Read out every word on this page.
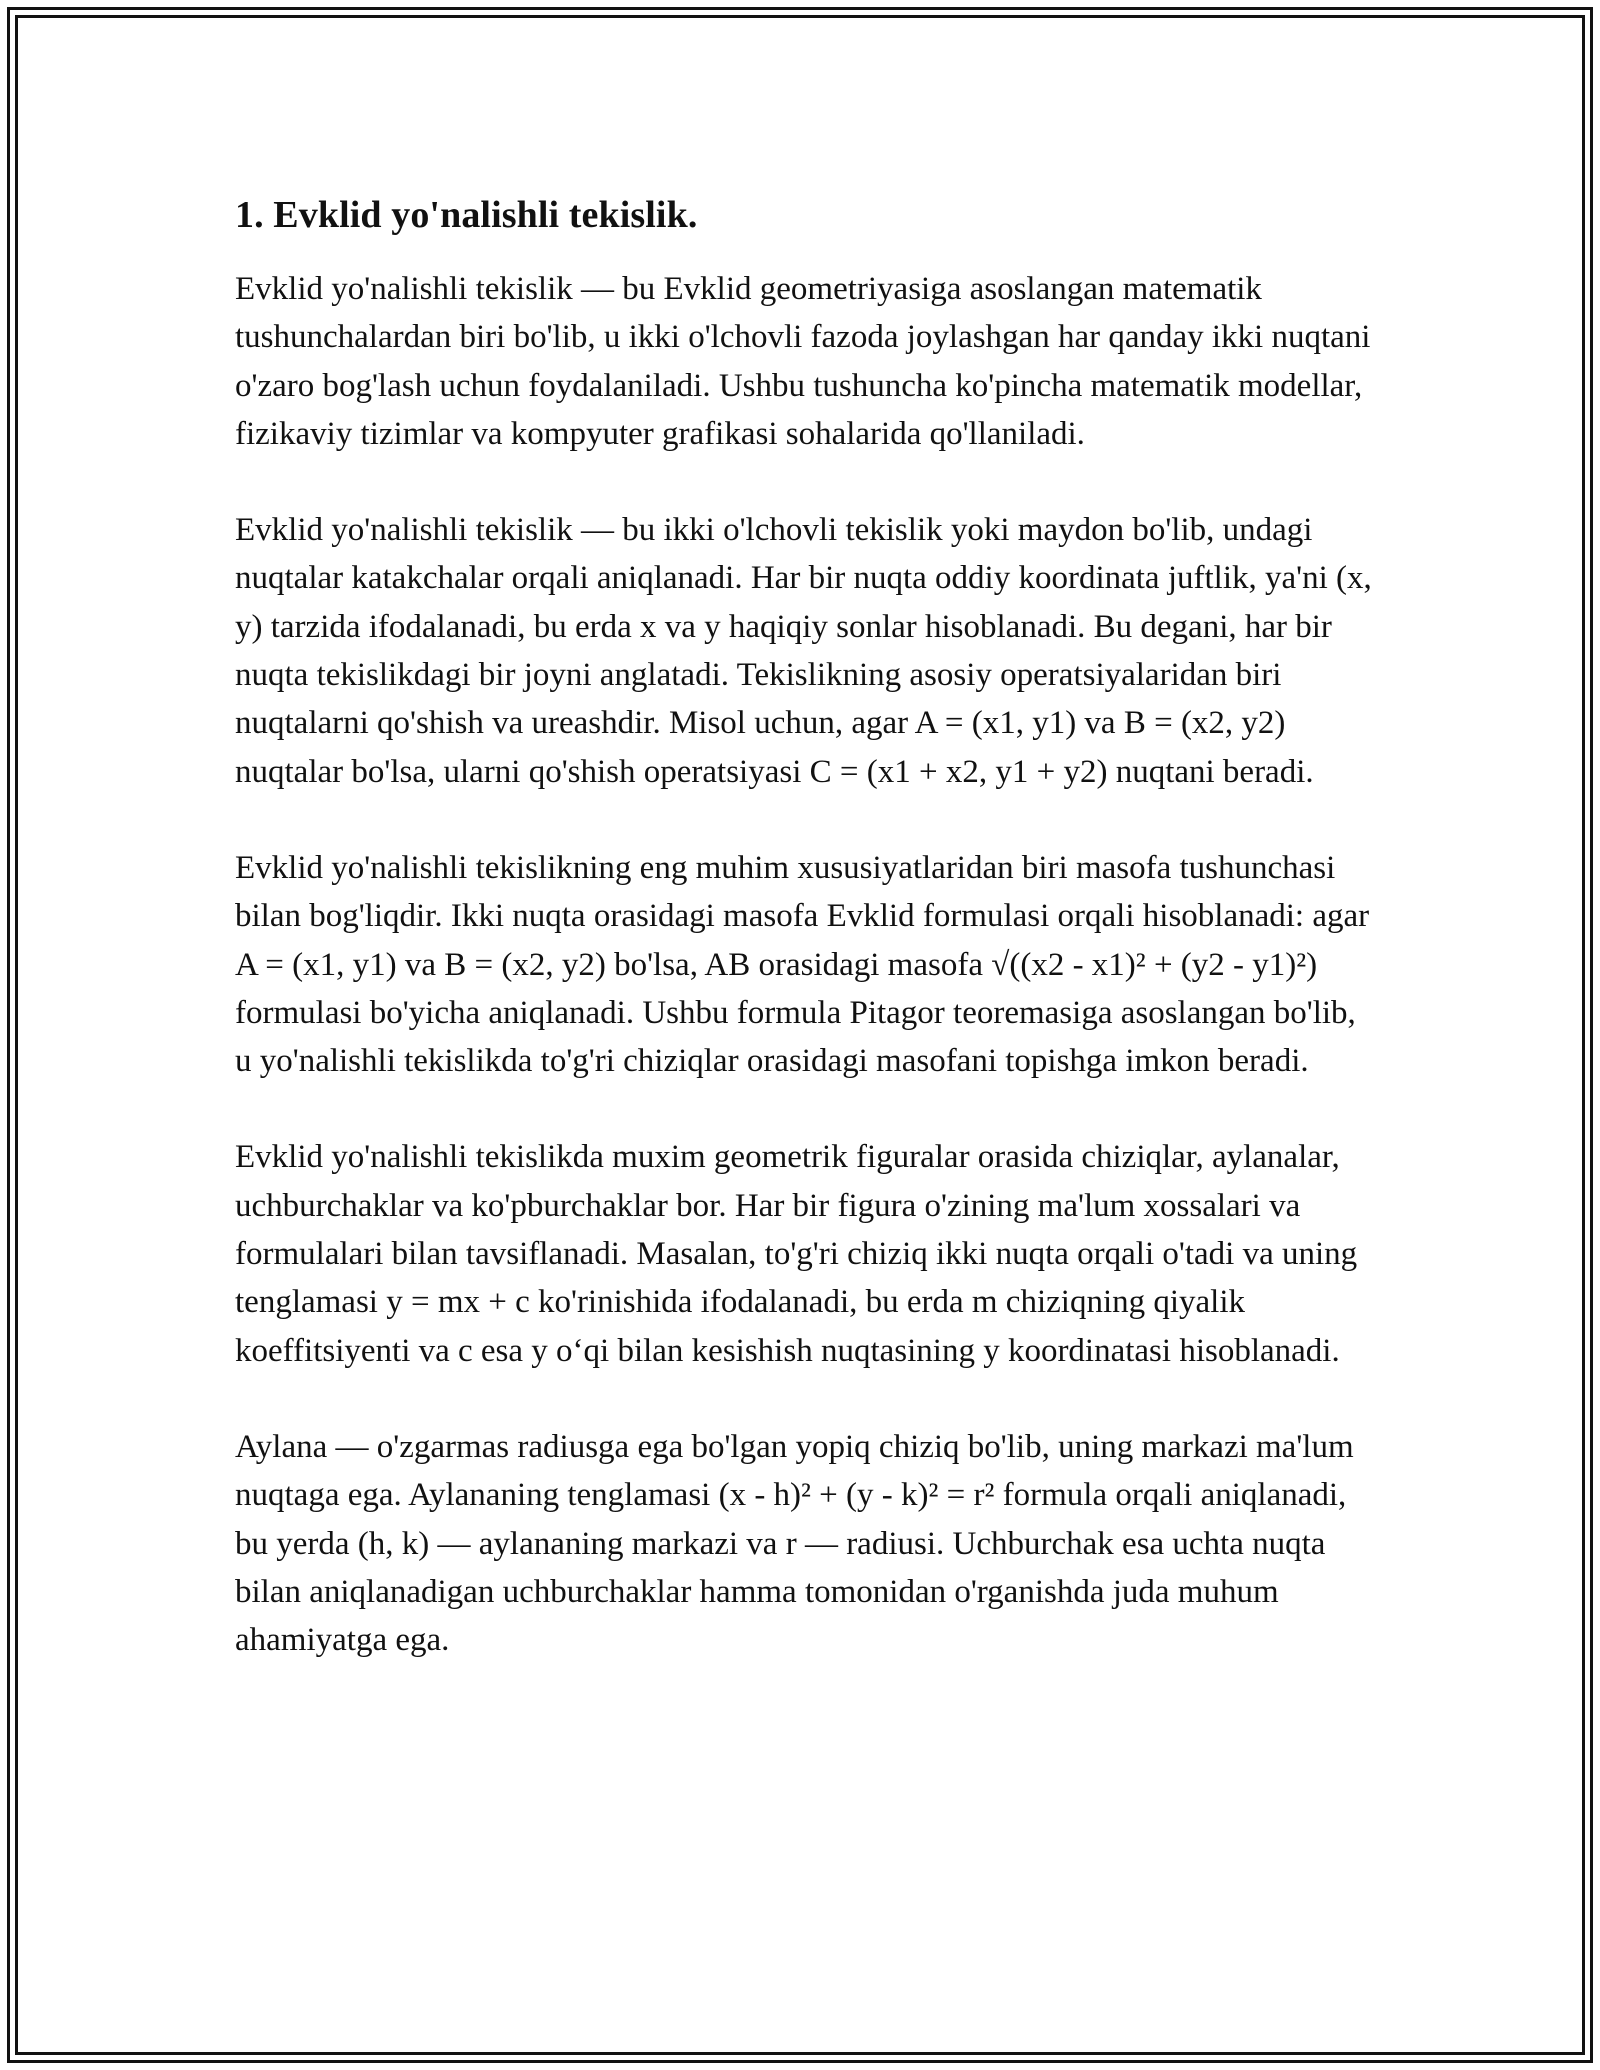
1. Evklid yo'nalishli tekislik.

Evklid yo'nalishli tekislik — bu Evklid geometriyasiga asoslangan matematik tushunchalardan biri bo'lib, u ikki o'lchovli fazoda joylashgan har qanday ikki nuqtani o'zaro bog'lash uchun foydalaniladi. Ushbu tushuncha ko'pincha matematik modellar, fizikaviy tizimlar va kompyuter grafikasi sohalarida qo'llaniladi.

Evklid yo'nalishli tekislik — bu ikki o'lchovli tekislik yoki maydon bo'lib, undagi nuqtalar katakchalar orqali aniqlanadi. Har bir nuqta oddiy koordinata juftlik, ya'ni (x, y) tarzida ifodalanadi, bu erda x va y haqiqiy sonlar hisoblanadi. Bu degani, har bir nuqta tekislikdagi bir joyni anglatadi. Tekislikning asosiy operatsiyalaridan biri nuqtalarni qo'shish va ureashdir. Misol uchun, agar A = (x1, y1) va B = (x2, y2) nuqtalar bo'lsa, ularni qo'shish operatsiyasi C = (x1 + x2, y1 + y2) nuqtani beradi.

Evklid yo'nalishli tekislikning eng muhim xususiyatlaridan biri masofa tushunchasi bilan bog'liqdir. Ikki nuqta orasidagi masofa Evklid formulasi orqali hisoblanadi: agar A = (x1, y1) va B = (x2, y2) bo'lsa, AB orasidagi masofa √((x2 - x1)² + (y2 - y1)²) formulasi bo'yicha aniqlanadi. Ushbu formula Pitagor teoremasiga asoslangan bo'lib, u yo'nalishli tekislikda to'g'ri chiziqlar orasidagi masofani topishga imkon beradi.

Evklid yo'nalishli tekislikda muxim geometrik figuralar orasida chiziqlar, aylanalar, uchburchaklar va ko'pburchaklar bor. Har bir figura o'zining ma'lum xossalari va formulalari bilan tavsiflanadi. Masalan, to'g'ri chiziq ikki nuqta orqali o'tadi va uning tenglamasi y = mx + c ko'rinishida ifodalanadi, bu erda m chiziqning qiyalik koeffitsiyenti va c esa y o‘qi bilan kesishish nuqtasining y koordinatasi hisoblanadi.

Aylana — o'zgarmas radiusga ega bo'lgan yopiq chiziq bo'lib, uning markazi ma'lum nuqtaga ega. Aylananing tenglamasi (x - h)² + (y - k)² = r² formula orqali aniqlanadi, bu yerda (h, k) — aylananing markazi va r — radiusi. Uchburchak esa uchta nuqta bilan aniqlanadigan uchburchaklar hamma tomonidan o'rganishda juda muhum ahamiyatga ega.
